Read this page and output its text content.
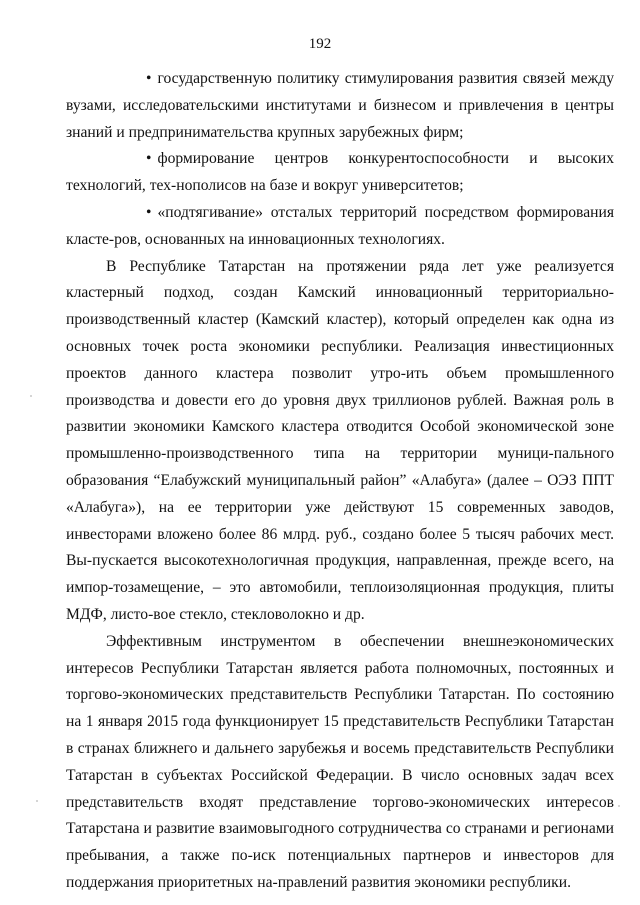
192

• государственную политику стимулирования развития связей между вузами, исследовательскими институтами и бизнесом и привлечения в центры знаний и предпринимательства крупных зарубежных фирм;

• формирование центров конкурентоспособности и высоких технологий, тех-нополисов на базе и вокруг университетов;

• «подтягивание» отсталых территорий посредством формирования класте-ров, основанных на инновационных технологиях.

В Республике Татарстан на протяжении ряда лет уже реализуется кластерный подход, создан Камский инновационный территориально-производственный кластер (Камский кластер), который определен как одна из основных точек роста экономики республики. Реализация инвестиционных проектов данного кластера позволит утро-ить объем промышленного производства и довести его до уровня двух триллионов рублей. Важная роль в развитии экономики Камского кластера отводится Особой экономической зоне промышленно-производственного типа на территории муници-пального образования “Елабужский муниципальный район” «Алабуга» (далее – ОЭЗ ППТ «Алабуга»), на ее территории уже действуют 15 современных заводов, инвесторами вложено более 86 млрд. руб., создано более 5 тысяч рабочих мест. Вы-пускается высокотехнологичная продукция, направленная, прежде всего, на импор-тозамещение, – это автомобили, теплоизоляционная продукция, плиты МДФ, листо-вое стекло, стекловолокно и др.

Эффективным инструментом в обеспечении внешнеэкономических интересов Республики Татарстан является работа полномочных, постоянных и торгово-экономических представительств Республики Татарстан. По состоянию на 1 января 2015 года функционирует 15 представительств Республики Татарстан в странах ближнего и дальнего зарубежья и восемь представительств Республики Татарстан в субъектах Российской Федерации. В число основных задач всех представительств входят представление торгово-экономических интересов Татарстана и развитие взаимовыгодного сотрудничества со странами и регионами пребывания, а также по-иск потенциальных партнеров и инвесторов для поддержания приоритетных на-правлений развития экономики республики.
